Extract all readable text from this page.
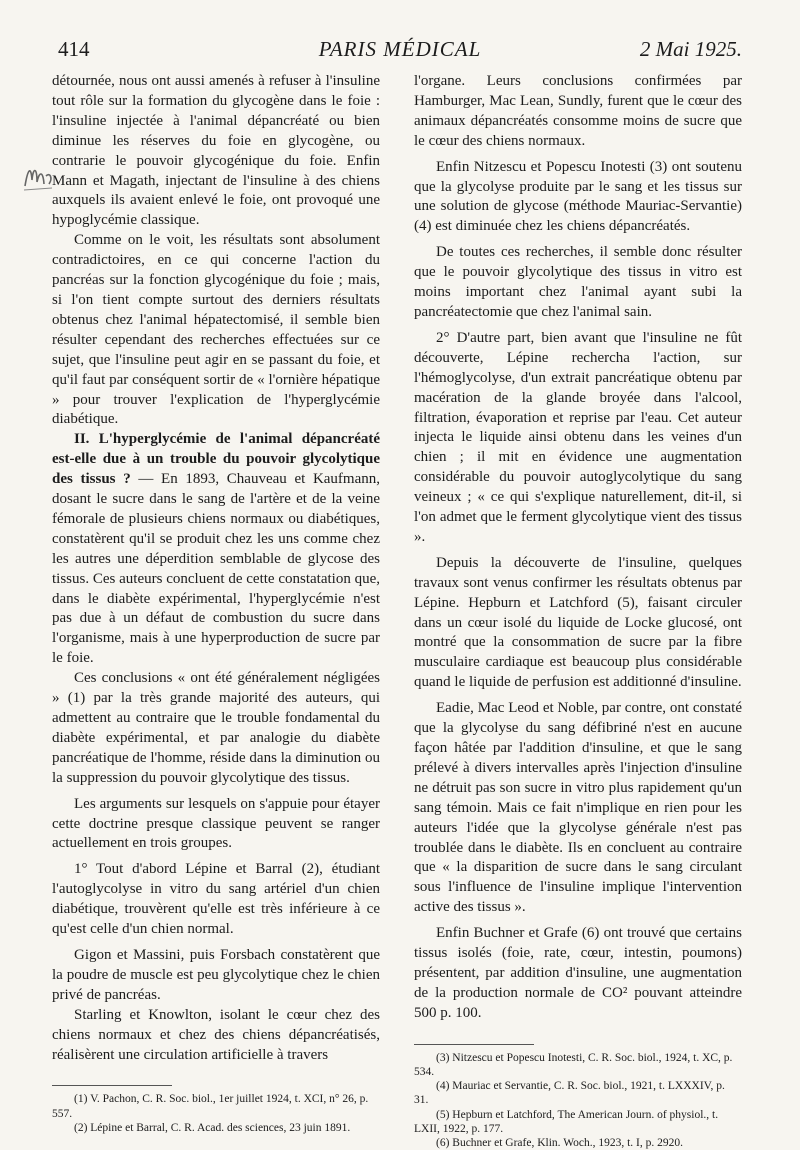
414	PARIS MÉDICAL	2 Mai 1925.

détournée, nous ont aussi amenés à refuser à l'insuline tout rôle sur la formation du glycogène dans le foie : l'insuline injectée à l'animal dépancréaté ou bien diminue les réserves du foie en glycogène, ou contrarie le pouvoir glycogénique du foie. Enfin Mann et Magath, injectant de l'insuline à des chiens auxquels ils avaient enlevé le foie, ont provoqué une hypoglycémie classique.

Comme on le voit, les résultats sont absolument contradictoires, en ce qui concerne l'action du pancréas sur la fonction glycogénique du foie ; mais, si l'on tient compte surtout des derniers résultats obtenus chez l'animal hépatectomisé, il semble bien résulter cependant des recherches effectuées sur ce sujet, que l'insuline peut agir en se passant du foie, et qu'il faut par conséquent sortir de « l'ornière hépatique » pour trouver l'explication de l'hyperglycémie diabétique.

II. L'hyperglycémie de l'animal dépancréaté est-elle due à un trouble du pouvoir glycolytique des tissus ? — En 1893, Chauveau et Kaufmann, dosant le sucre dans le sang de l'artère et de la veine fémorale de plusieurs chiens normaux ou diabétiques, constatèrent qu'il se produit chez les uns comme chez les autres une déperdition semblable de glycose des tissus. Ces auteurs concluent de cette constatation que, dans le diabète expérimental, l'hyperglycémie n'est pas due à un défaut de combustion du sucre dans l'organisme, mais à une hyperproduction de sucre par le foie.

Ces conclusions « ont été généralement négligées » (1) par la très grande majorité des auteurs, qui admettent au contraire que le trouble fondamental du diabète expérimental, et par analogie du diabète pancréatique de l'homme, réside dans la diminution ou la suppression du pouvoir glycolytique des tissus.

Les arguments sur lesquels on s'appuie pour étayer cette doctrine presque classique peuvent se ranger actuellement en trois groupes.

1° Tout d'abord Lépine et Barral (2), étudiant l'autoglycolyse in vitro du sang artériel d'un chien diabétique, trouvèrent qu'elle est très inférieure à ce qu'est celle d'un chien normal.

Gigon et Massini, puis Forsbach constatèrent que la poudre de muscle est peu glycolytique chez le chien privé de pancréas.

Starling et Knowlton, isolant le cœur chez des chiens normaux et chez des chiens dépancréatisés, réalisèrent une circulation artificielle à travers

(1) V. Pachon, C. R. Soc. biol., 1er juillet 1924, t. XCI, n° 26, p. 557.

(2) Lépine et Barral, C. R. Acad. des sciences, 23 juin 1891.

l'organe. Leurs conclusions confirmées par Hamburger, Mac Lean, Sundly, furent que le cœur des animaux dépancréatés consomme moins de sucre que le cœur des chiens normaux.

Enfin Nitzescu et Popescu Inotesti (3) ont soutenu que la glycolyse produite par le sang et les tissus sur une solution de glycose (méthode Mauriac-Servantie) (4) est diminuée chez les chiens dépancréatés.

De toutes ces recherches, il semble donc résulter que le pouvoir glycolytique des tissus in vitro est moins important chez l'animal ayant subi la pancréatectomie que chez l'animal sain.

2° D'autre part, bien avant que l'insuline ne fût découverte, Lépine rechercha l'action, sur l'hémoglycolyse, d'un extrait pancréatique obtenu par macération de la glande broyée dans l'alcool, filtration, évaporation et reprise par l'eau. Cet auteur injecta le liquide ainsi obtenu dans les veines d'un chien ; il mit en évidence une augmentation considérable du pouvoir autoglycolytique du sang veineux ; « ce qui s'explique naturellement, dit-il, si l'on admet que le ferment glycolytique vient des tissus ».

Depuis la découverte de l'insuline, quelques travaux sont venus confirmer les résultats obtenus par Lépine. Hepburn et Latchford (5), faisant circuler dans un cœur isolé du liquide de Locke glucosé, ont montré que la consommation de sucre par la fibre musculaire cardiaque est beaucoup plus considérable quand le liquide de perfusion est additionné d'insuline.

Eadie, Mac Leod et Noble, par contre, ont constaté que la glycolyse du sang défibriné n'est en aucune façon hâtée par l'addition d'insuline, et que le sang prélevé à divers intervalles après l'injection d'insuline ne détruit pas son sucre in vitro plus rapidement qu'un sang témoin. Mais ce fait n'implique en rien pour les auteurs l'idée que la glycolyse générale n'est pas troublée dans le diabète. Ils en concluent au contraire que « la disparition de sucre dans le sang circulant sous l'influence de l'insuline implique l'intervention active des tissus ».

Enfin Buchner et Grafe (6) ont trouvé que certains tissus isolés (foie, rate, cœur, intestin, poumons) présentent, par addition d'insuline, une augmentation de la production normale de CO² pouvant atteindre 500 p. 100.

(3) Nitzescu et Popescu Inotesti, C. R. Soc. biol., 1924, t. XC, p. 534.

(4) Mauriac et Servantie, C. R. Soc. biol., 1921, t. LXXXIV, p. 31.

(5) Hepburn et Latchford, The American Journ. of physiol., t. LXII, 1922, p. 177.

(6) Buchner et Grafe, Klin. Woch., 1923, t. I, p. 2920.
